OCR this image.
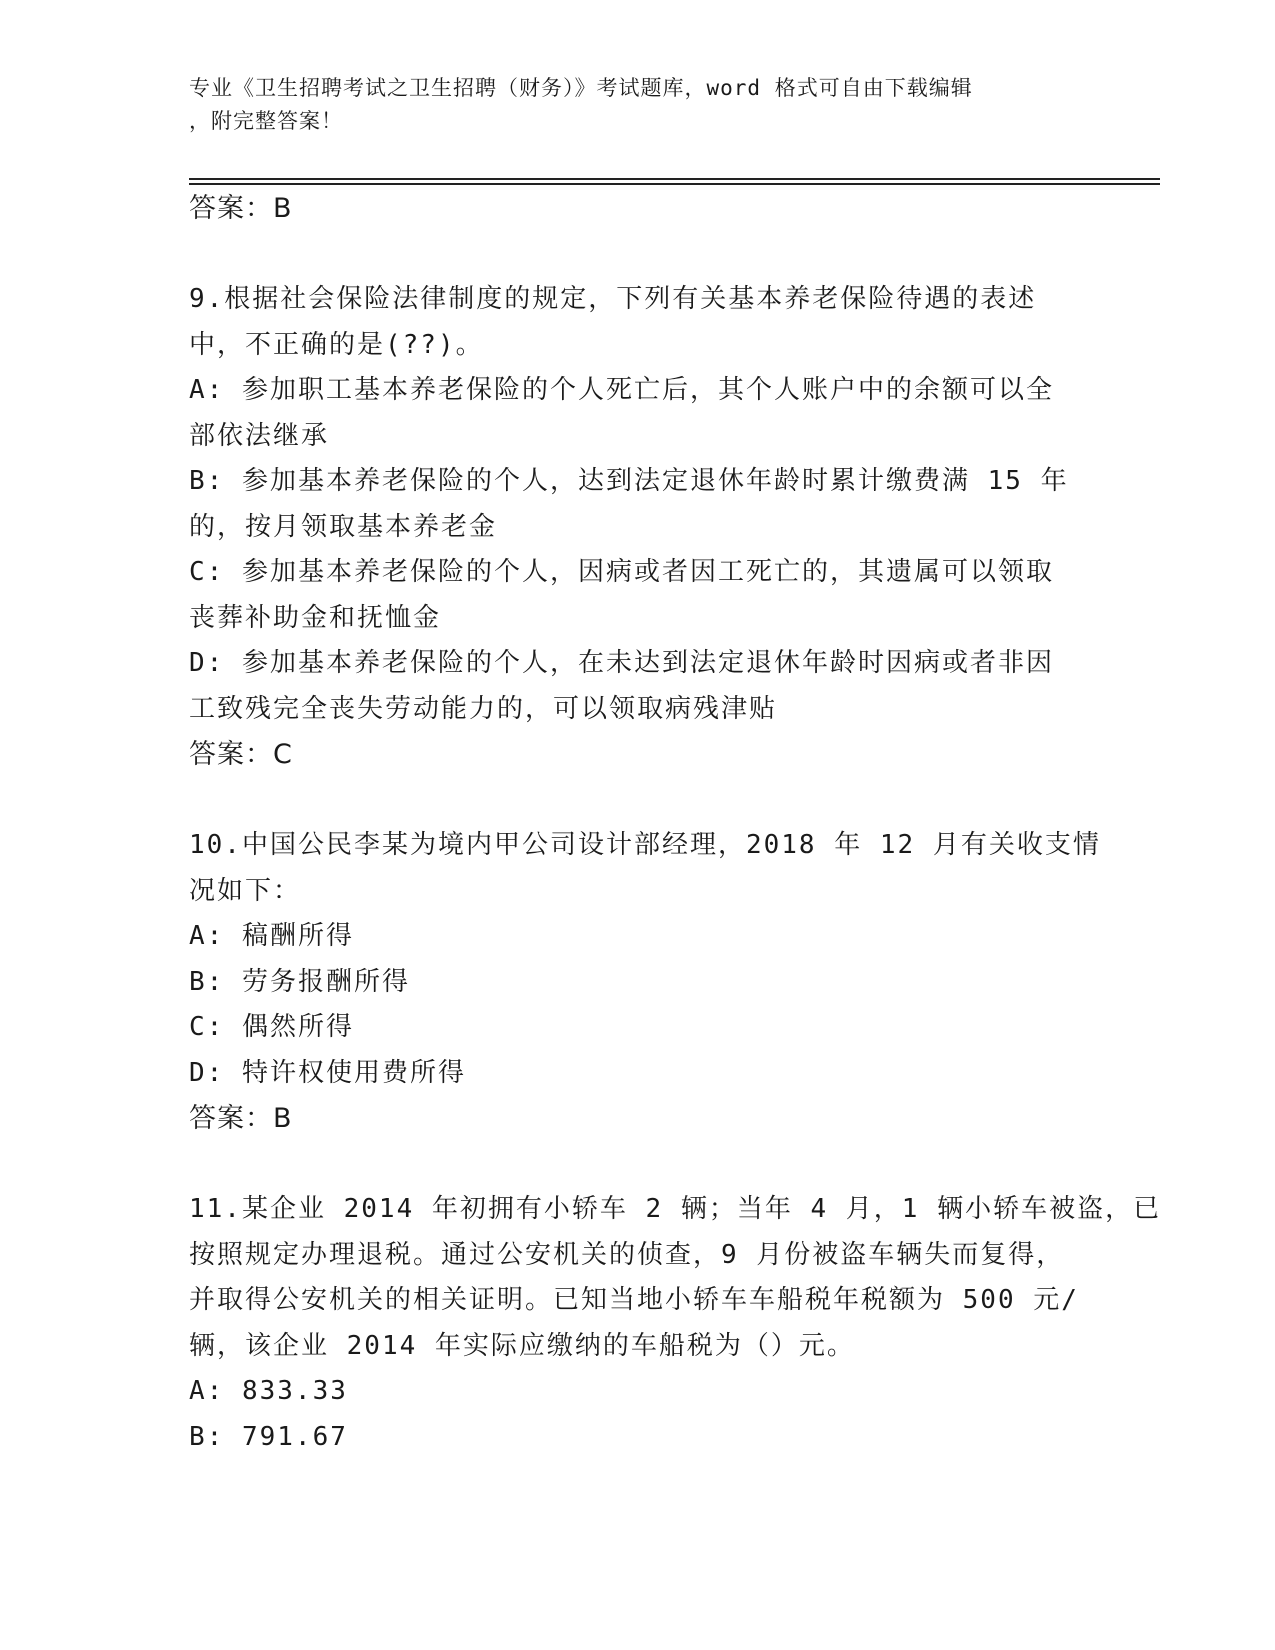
专业《卫生招聘考试之卫生招聘（财务）》考试题库，word 格式可自由下载编辑
，附完整答案！

答案：B

9.根据社会保险法律制度的规定，下列有关基本养老保险待遇的表述

中，不正确的是(??)。

A: 参加职工基本养老保险的个人死亡后，其个人账户中的余额可以全

部依法继承

B: 参加基本养老保险的个人，达到法定退休年龄时累计缴费满 15 年

的，按月领取基本养老金

C: 参加基本养老保险的个人，因病或者因工死亡的，其遗属可以领取

丧葬补助金和抚恤金

D: 参加基本养老保险的个人，在未达到法定退休年龄时因病或者非因

工致残完全丧失劳动能力的，可以领取病残津贴

答案：C

10.中国公民李某为境内甲公司设计部经理，2018 年 12 月有关收支情

况如下：

A: 稿酬所得

B: 劳务报酬所得

C: 偶然所得

D: 特许权使用费所得

答案：B

11.某企业 2014 年初拥有小轿车 2 辆；当年 4 月，1 辆小轿车被盗，已

按照规定办理退税。通过公安机关的侦查，9 月份被盗车辆失而复得，

并取得公安机关的相关证明。已知当地小轿车车船税年税额为 500 元/

辆，该企业 2014 年实际应缴纳的车船税为（）元。

A: 833.33

B: 791.67
